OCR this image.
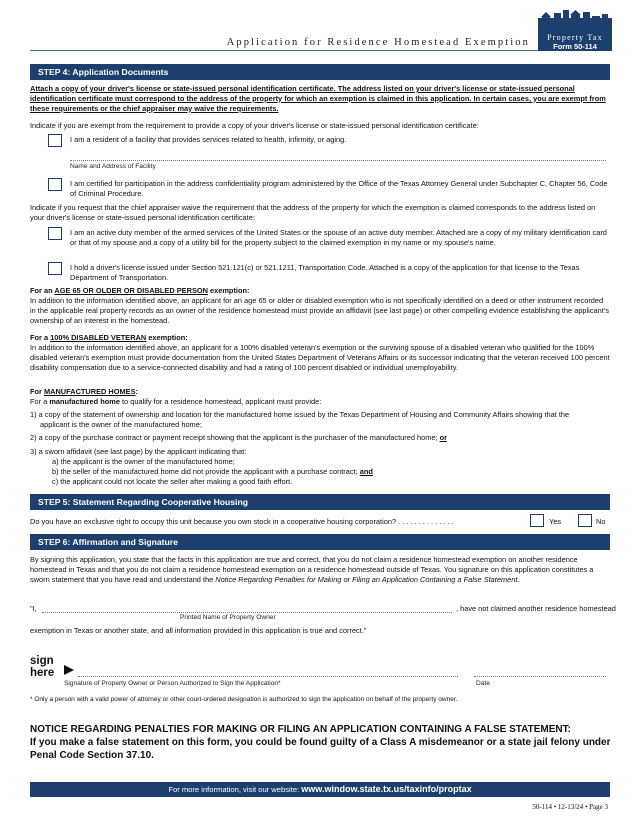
Application for Residence Homestead Exemption	Property Tax
Form 50-114
STEP 4: Application Documents
Attach a copy of your driver's license or state-issued personal identification certificate. The address listed on your driver's license or state-issued personal identification certificate must correspond to the address of the property for which an exemption is claimed in this application. In certain cases, you are exempt from these requirements or the chief appraiser may waive the requirements.
Indicate if you are exempt from the requirement to provide a copy of your driver's license or state-issued personal identification certificate:
I am a resident of a facility that provides services related to health, infirmity, or aging.
Name and Address of Facility
I am certified for participation in the address confidentiality program administered by the Office of the Texas Attorney General under Subchapter C, Chapter 56, Code of Criminal Procedure.
Indicate if you request that the chief appraiser waive the requirement that the address of the property for which the exemption is claimed corresponds to the address listed on your driver's license or state-issued personal identification certificate:
I am an active duty member of the armed services of the United States or the spouse of an active duty member. Attached are a copy of my military identification card or that of my spouse and a copy of a utility bill for the property subject to the claimed exemption in my name or my spouse's name.
I hold a driver's license issued under Section 521.121(c) or 521.1211, Transportation Code. Attached is a copy of the application for that license to the Texas Department of Transportation.
For an AGE 65 OR OLDER OR DISABLED PERSON exemption:
In addition to the information identified above, an applicant for an age 65 or older or disabled exemption who is not specifically identified on a deed or other instrument recorded in the applicable real property records as an owner of the residence homestead must provide an affidavit (see last page) or other compelling evidence establishing the applicant's ownership of an interest in the homestead.
For a 100% DISABLED VETERAN exemption:
In addition to the information identified above, an applicant for a 100% disabled veteran's exemption or the surviving spouse of a disabled veteran who qualified for the 100% disabled veteran's exemption must provide documentation from the United States Department of Veterans Affairs or its successor indicating that the veteran received 100 percent disability compensation due to a service-connected disability and had a rating of 100 percent disabled or individual unemployability.
For MANUFACTURED HOMES:
For a manufactured home to qualify for a residence homestead, applicant must provide:
1) a copy of the statement of ownership and location for the manufactured home issued by the Texas Department of Housing and Community Affairs showing that the applicant is the owner of the manufactured home;
2) a copy of the purchase contract or payment receipt showing that the applicant is the purchaser of the manufactured home; or
3) a sworn affidavit (see last page) by the applicant indicating that:
a) the applicant is the owner of the manufactured home;
b) the seller of the manufactured home did not provide the applicant with a purchase contract; and
c) the applicant could not locate the seller after making a good faith effort.
STEP 5: Statement Regarding Cooperative Housing
Do you have an exclusive right to occupy this unit because you own stock in a cooperative housing corporation? . . . . . . . . . . . . . .	Yes	No
STEP 6: Affirmation and Signature
By signing this application, you state that the facts in this application are true and correct, that you do not claim a residence homestead exemption on another residence homestead in Texas and that you do not claim a residence homestead exemption on a residence homestead outside of Texas. You signature on this application constitutes a sworn statement that you have read and understand the Notice Regarding Penalties for Making or Filing an Application Containing a False Statement.
"I,	, have not claimed another residence homestead
Printed Name of Property Owner
exemption in Texas or another state, and all information provided in this application is true and correct."
sign
here
Signature of Property Owner or Person Authorized to Sign the Application*	Date
* Only a person with a valid power of attorney or other court-ordered designation is authorized to sign the application on behalf of the property owner.
NOTICE REGARDING PENALTIES FOR MAKING OR FILING AN APPLICATION CONTAINING A FALSE STATEMENT:
If you make a false statement on this form, you could be found guilty of a Class A misdemeanor or a state jail felony under Penal Code Section 37.10.
For more information, visit our website: www.window.state.tx.us/taxinfo/proptax
50-114 • 12-13/24 • Page 3
